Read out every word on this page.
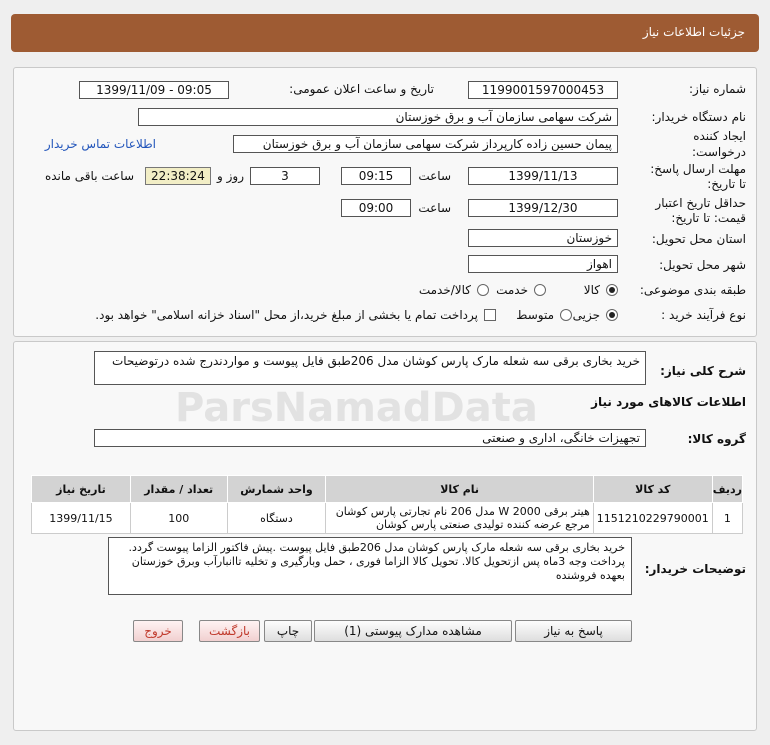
جزئیات اطلاعات نیاز
شماره نیاز:
1199001597000453
تاریخ و ساعت اعلان عمومی:
1399/11/09 - 09:05
نام دستگاه خریدار:
شرکت سهامی سازمان آب و برق خوزستان
ایجاد کننده
درخواست:
پیمان حسین زاده کارپرداز شرکت سهامی سازمان آب و برق خوزستان
اطلاعات تماس خریدار
مهلت ارسال پاسخ:
تا تاریخ:
1399/11/13
ساعت
09:15
3
روز و
22:38:24
ساعت باقی مانده
حداقل تاریخ اعتبار
قیمت: تا تاریخ:
1399/12/30
ساعت
09:00
استان محل تحویل:
خوزستان
شهر محل تحویل:
اهواز
طبقه بندی موضوعی:
کالا
خدمت
کالا/خدمت
نوع فرآیند خرید :
جزیی
متوسط
پرداخت تمام یا بخشی از مبلغ خرید،از محل "اسناد خزانه اسلامی" خواهد بود.
شرح کلی نیاز:
خرید بخاری برقی سه شعله مارک پارس کوشان مدل 206طبق فایل پیوست و مواردندرج شده درتوضیحات
اطلاعات کالاهای مورد نیاز
گروه کالا:
تجهیزات خانگی، اداری و صنعتی
ردیف	کد کالا	نام کالا	واحد شمارش	تعداد / مقدار	تاریخ نیاز
1	1151210229790001	هیتر برقی W 2000 مدل 206 نام تجارتی پارس کوشان مرجع عرضه کننده تولیدی صنعتی پارس کوشان	دستگاه	100	1399/11/15
توضیحات خریدار:
خرید بخاری برقی سه شعله مارک پارس کوشان مدل 206طبق فایل پیوست .پیش فاکتور الزاما پیوست گردد. پرداخت وجه 3ماه پس ازتحویل کالا. تحویل کالا الزاما فوری ، حمل وبارگیری و تخلیه تاانبارآب وبرق خوزستان بعهده فروشنده
ParsNamadData
پاسخ به نیاز
مشاهده مدارک پیوستی (1)
چاپ
بازگشت
خروج
